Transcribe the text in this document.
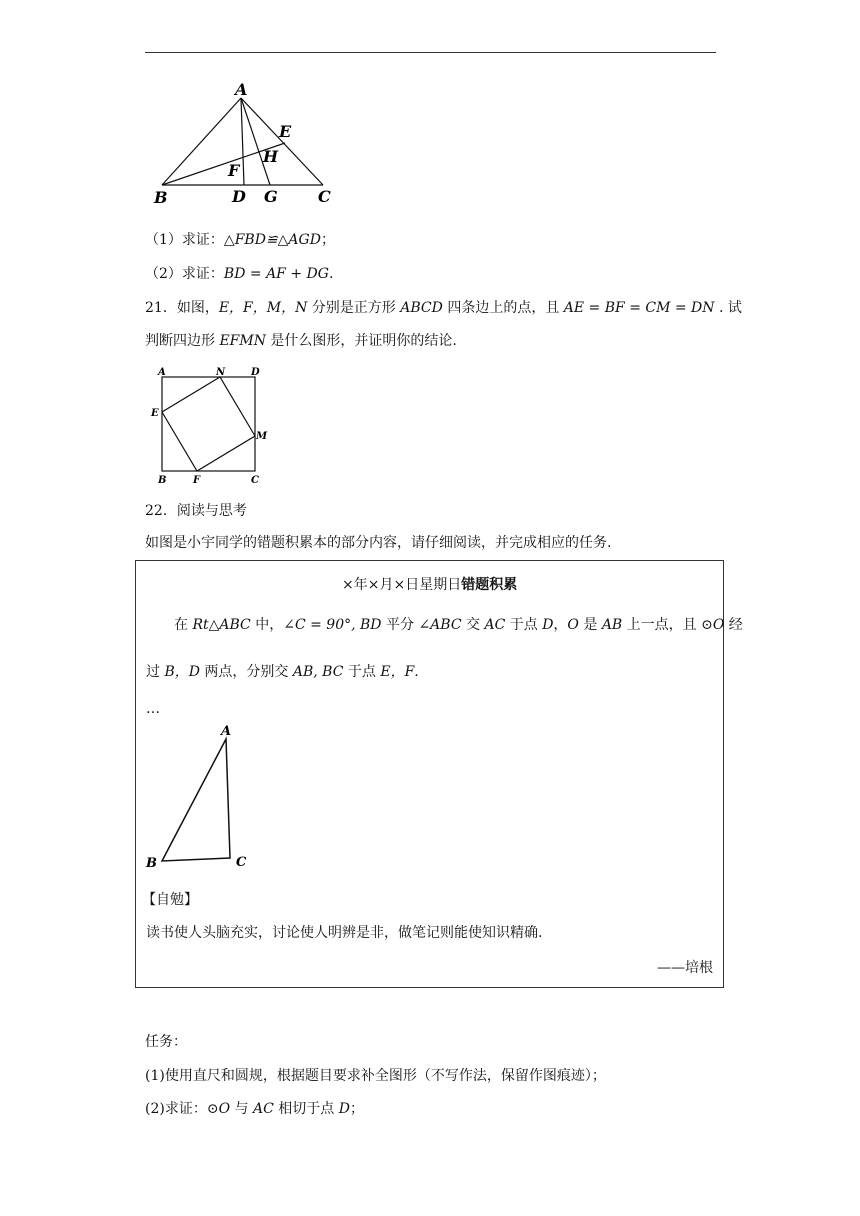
A
E
H
F
B	D G	C
（1）求证：△FBD≌△AGD；
（2）求证：BD = AF + DG.
21．如图，E，F，M，N 分别是正方形 ABCD 四条边上的点，且 AE = BF = CM = DN . 试
判断四边形 EFMN 是什么图形，并证明你的结论.
A	N	D
E
M
B	F	C
22．阅读与思考
如图是小宇同学的错题积累本的部分内容，请仔细阅读，并完成相应的任务.
×年×月×日星期日错题积累
在 Rt△ABC 中，∠C = 90°, BD 平分 ∠ABC 交 AC 于点 D，O 是 AB 上一点，且 ⊙O 经
过 B，D 两点，分别交 AB, BC 于点 E，F.
…
A
B	C
【自勉】
读书使人头脑充实，讨论使人明辨是非，做笔记则能使知识精确.
——培根
任务：
(1)使用直尺和圆规，根据题目要求补全图形（不写作法，保留作图痕迹）；
(2)求证：⊙O 与 AC 相切于点 D；
